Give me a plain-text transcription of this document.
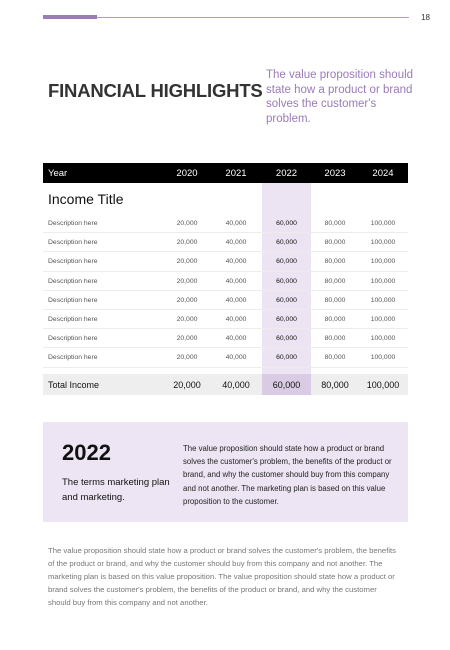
18
FINANCIAL HIGHLIGHTS
The value proposition should state how a product or brand solves the customer's problem.
Year	2020	2021	2022	2023	2024
Income Title
Description here	20,000	40,000	60,000	80,000	100,000
Description here	20,000	40,000	60,000	80,000	100,000
Description here	20,000	40,000	60,000	80,000	100,000
Description here	20,000	40,000	60,000	80,000	100,000
Description here	20,000	40,000	60,000	80,000	100,000
Description here	20,000	40,000	60,000	80,000	100,000
Description here	20,000	40,000	60,000	80,000	100,000
Description here	20,000	40,000	60,000	80,000	100,000
Total Income	20,000	40,000	60,000	80,000	100,000
2022
The terms marketing plan and marketing.
The value proposition should state how a product or brand solves the customer's problem, the benefits of the product or brand, and why the customer should buy from this company and not another. The marketing plan is based on this value proposition to the customer.
The value proposition should state how a product or brand solves the customer's problem, the benefits of the product or brand, and why the customer should buy from this company and not another. The marketing plan is based on this value proposition. The value proposition should state how a product or brand solves the customer's problem, the benefits of the product or brand, and why the customer should buy from this company and not another.
